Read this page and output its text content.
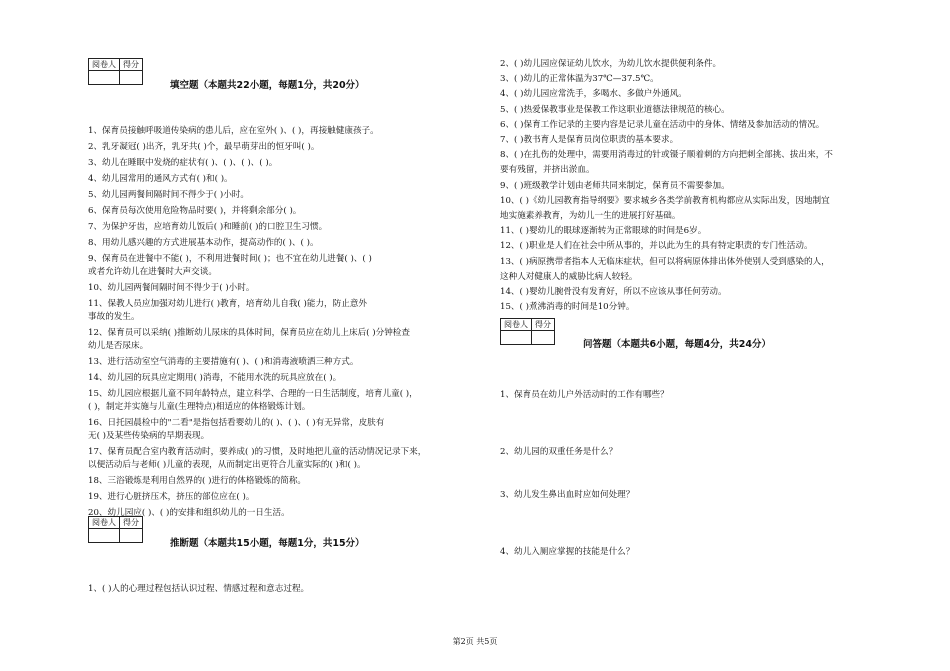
阅卷人	得分

填空题（本题共22小题，每题1分，共20分）
1、保育员接触呼吸道传染病的患儿后，应在室外( )、( )，再接触健康孩子。
2、乳牙凝冠( )出齐，乳牙共( )个，最早萌芽出的恒牙叫( )。
3、幼儿在睡眠中发烧的症状有( )、( )、( )、( )。
4、幼儿园常用的通风方式有( )和( )。
5、幼儿园两餐间隔时间不得少于( )小时。
6、保育员每次使用危险物品时要( )，并将剩余部分( )。
7、为保护牙齿，应培育幼儿饭后( )和睡前( )的口腔卫生习惯。
8、用幼儿感兴趣的方式进展基本动作，提高动作的( )、( )。
9、保育员在进餐中不能( )，不利用进餐时间( )；也不宜在幼儿进餐( )、( )
或者允许幼儿在进餐时大声交谈。
10、幼儿园两餐间隔时间不得少于( )小时。
11、保教人员应加强对幼儿进行( )教育，培育幼儿自我( )能力，防止意外
事故的发生。
12、保育员可以采纳( )推断幼儿尿床的具体时间，保育员应在幼儿上床后( )分钟检查
幼儿是否尿床。
13、进行活动室空气消毒的主要措施有( )、( )和消毒液喷洒三种方式。
14、幼儿园的玩具应定期用( )消毒，不能用水洗的玩具应放在( )。
15、幼儿园应根据儿童不同年龄特点，建立科学、合理的一日生活制度，培育儿童( )，
( )，制定并实施与儿童(生理特点)相适应的体格锻炼计划。
16、日托园晨检中的"二看"是指包括看婴幼儿的( )、( )、( )有无异常，皮肤有
无( )及某些传染病的早期表现。
17、保育员配合室内教育活动时，要养成( )的习惯，及时地把儿童的活动情况记录下来，
以便活动后与老师( )儿童的表现，从而制定出更符合儿童实际的( )和( )。
18、三浴锻炼是利用自然界的( )进行的体格锻炼的简称。
19、进行心脏挤压术，挤压的部位应在( )。
20、幼儿园应( )、( )的安排和组织幼儿的一日生活。
阅卷人	得分

推断题（本题共15小题，每题1分，共15分）
1、( )人的心理过程包括认识过程、情感过程和意志过程。
2、( )幼儿园应保证幼儿饮水，为幼儿饮水提供便利条件。
3、( )幼儿的正常体温为37℃—37.5℃。
4、( )幼儿园应常洗手，多喝水、多做户外通风。
5、( )热爱保教事业是保教工作这职业道德法律规范的核心。
6、( )保育工作记录的主要内容是记录儿童在活动中的身体、情绪及参加活动的情况。
7、( )教书育人是保育员岗位职责的基本要求。
8、( )在扎伤的处理中，需要用消毒过的针或镊子顺着刺的方向把刺全部挑、拔出来，不
要有残留，并挤出淤血。
9、( )班级教学计划由老师共同来制定，保育员不需要参加。
10、( )《幼儿园教育指导纲要》要求城乡各类学前教育机构都应从实际出发，因地制宜
地实施素养教育，为幼儿一生的进展打好基础。
11、( )婴幼儿的眼球逐渐转为正常眼球的时间是6岁。
12、( )职业是人们在社会中所从事的，并以此为生的具有特定职责的专门性活动。
13、( )病原携带者指本人无临床症状，但可以将病原体排出体外使别人受到感染的人，
这种人对健康人的威胁比病人较轻。
14、( )婴幼儿腕骨没有发育好，所以不应该从事任何劳动。
15、( )煮沸消毒的时间是10分钟。
阅卷人	得分

问答题（本题共6小题，每题4分，共24分）
1、保育员在幼儿户外活动时的工作有哪些？
2、幼儿园的双重任务是什么？
3、幼儿发生鼻出血时应如何处理？
4、幼儿入厕应掌握的技能是什么？
第2页 共5页
